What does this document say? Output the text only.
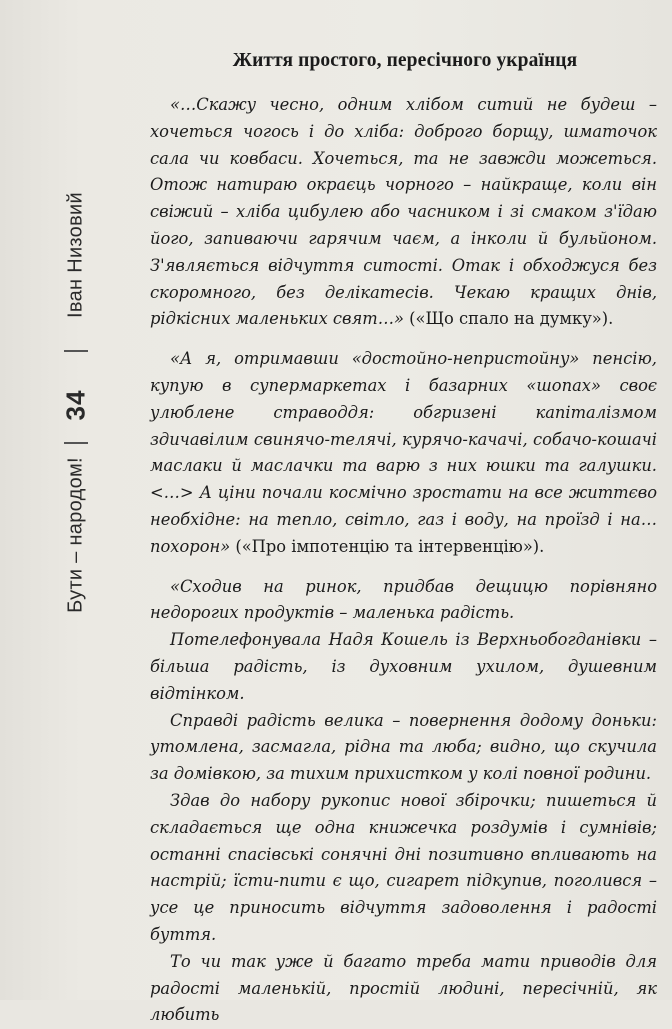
Іван Низовий
34
Бути – народом!
Життя простого, пересічного українця

«…Скажу чесно, одним хлібом ситий не будеш – хочеться чогось і до хліба: доброго борщу, шматочок сала чи ковбаси. Хочеться, та не завжди можеться. Отож натираю окраєць чорного – найкраще, коли він свіжий – хліба цибулею або часником і зі смаком з'їдаю його, запиваючи гарячим чаєм, а інколи й бульйоном. З'являється відчуття ситості. Отак і обходжуся без скоромного, без делікатесів. Чекаю кращих днів, рідкісних маленьких свят…» («Що спало на думку»).

«А я, отримавши «достойно-непристойну» пенсію, купую в супермаркетах і базарних «шопах» своє улюблене страводдя: обгризені капіталізмом здичавілим свинячо-телячі, курячо-качачі, собачо-кошачі маслаки й маслачки та варю з них юшки та галушки. <…> А ціни почали космічно зростати на все життєво необхідне: на тепло, світло, газ і воду, на проїзд і на… похорон» («Про імпотенцію та інтервенцію»).

«Сходив на ринок, придбав дещицю порівняно недорогих продуктів – маленька радість.

Потелефонувала Надя Кошель із Верхньобогданівки – більша радість, із духовним ухилом, душевним відтінком.

Справді радість велика – повернення додому доньки: утомлена, засмагла, рідна та люба; видно, що скучила за домівкою, за тихим прихистком у колі повної родини.

Здав до набору рукопис нової збірочки; пишеться й складається ще одна книжечка роздумів і сумнівів; останні спасівські сонячні дні позитивно впливають на настрій; їсти-пити є що, сигарет підкупив, поголився – усе це приносить відчуття задоволення і радості буття.

То чи так уже й багато треба мати приводів для радості маленькій, простій людині, пересічній, як любить
